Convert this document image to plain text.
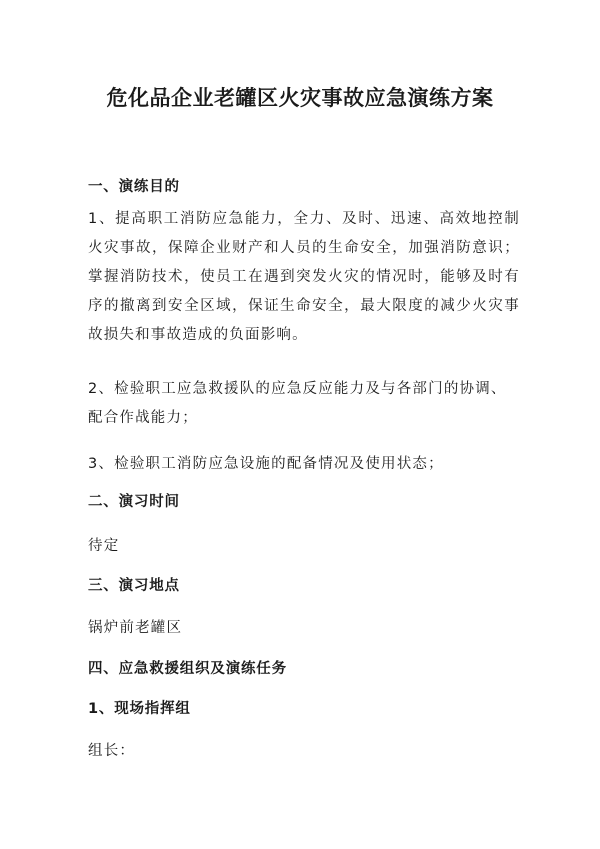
危化品企业老罐区火灾事故应急演练方案

一、演练目的

1、提高职工消防应急能力，全力、及时、迅速、高效地控制火灾事故，保障企业财产和人员的生命安全，加强消防意识；掌握消防技术，使员工在遇到突发火灾的情况时，能够及时有序的撤离到安全区域，保证生命安全，最大限度的减少火灾事故损失和事故造成的负面影响。

2、检验职工应急救援队的应急反应能力及与各部门的协调、配合作战能力；

3、检验职工消防应急设施的配备情况及使用状态；

二、演习时间

待定

三、演习地点

锅炉前老罐区

四、应急救援组织及演练任务

1、现场指挥组

组长：
